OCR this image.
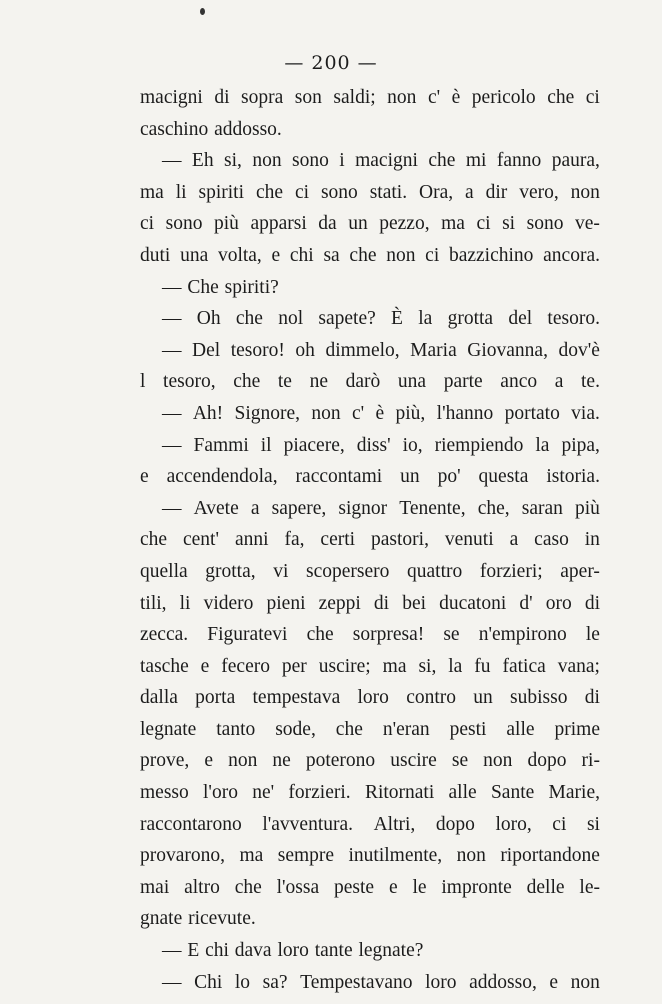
— 200 —
macigni di sopra son saldi; non c' è pericolo che ci
caschino addosso.
— Eh si, non sono i macigni che mi fanno paura,
ma li spiriti che ci sono stati. Ora, a dir vero, non
ci sono più apparsi da un pezzo, ma ci si sono ve-
duti una volta, e chi sa che non ci bazzichino ancora.
— Che spiriti?
— Oh che nol sapete? È la grotta del tesoro.
— Del tesoro! oh dimmelo, Maria Giovanna, dov'è
l tesoro, che te ne darò una parte anco a te.
— Ah! Signore, non c' è più, l'hanno portato via.
— Fammi il piacere, diss' io, riempiendo la pipa,
e accendendola, raccontami un po' questa istoria.
— Avete a sapere, signor Tenente, che, saran più
che cent' anni fa, certi pastori, venuti a caso in
quella grotta, vi scopersero quattro forzieri; aper-
tili, li videro pieni zeppi di bei ducatoni d' oro di
zecca. Figuratevi che sorpresa! se n'empirono le
tasche e fecero per uscire; ma si, la fu fatica vana;
dalla porta tempestava loro contro un subisso di
legnate tanto sode, che n'eran pesti alle prime
prove, e non ne poterono uscire se non dopo ri-
messo l'oro ne' forzieri. Ritornati alle Sante Marie,
raccontarono l'avventura. Altri, dopo loro, ci si
provarono, ma sempre inutilmente, non riportandone
mai altro che l'ossa peste e le impronte delle le-
gnate ricevute.
— E chi dava loro tante legnate?
— Chi lo sa? Tempestavano loro addosso, e non
